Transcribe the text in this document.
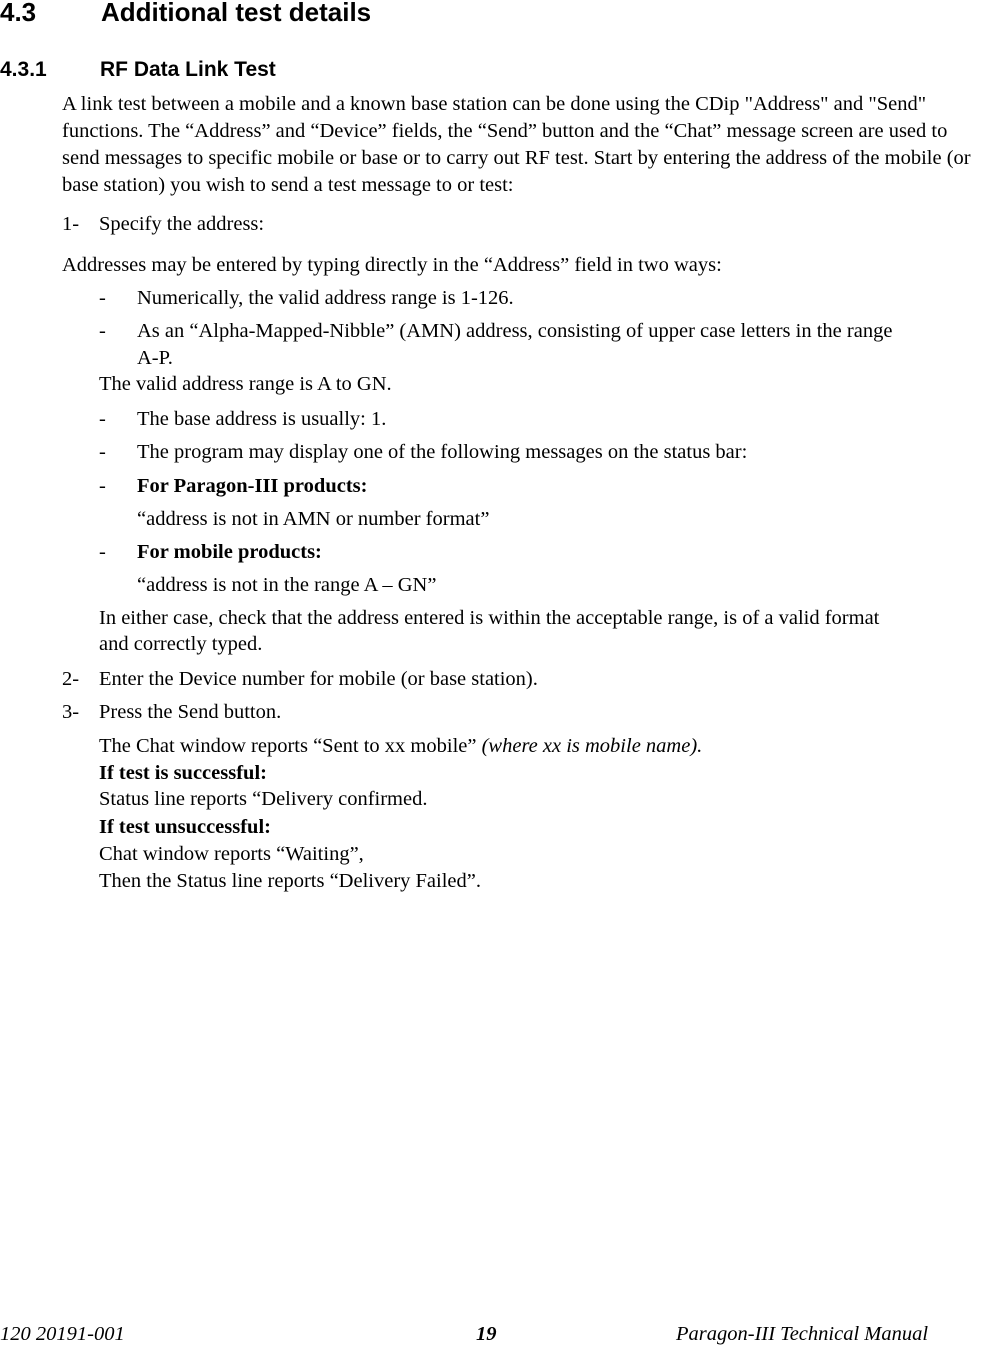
4.3 Additional test details
4.3.1	RF Data Link Test
A link test between a mobile and a known base station can be done using the CDip "Address" and "Send" functions. The “Address” and “Device” fields, the “Send” button and the “Chat” message screen are used to send messages to specific mobile or base or to carry out RF test. Start by entering the address of the mobile (or base station) you wish to send a test message to or test:
1- Specify the address:
Addresses may be entered by typing directly in the “Address” field in two ways:
- Numerically, the valid address range is 1-126.
- As an “Alpha-Mapped-Nibble” (AMN) address, consisting of upper case letters in the range
A-P.
The valid address range is A to GN.
- The base address is usually: 1.
- The program may display one of the following messages on the status bar:
- For Paragon-III products:
“address is not in AMN or number format”
- For mobile products:
“address is not in the range A – GN”
In either case, check that the address entered is within the acceptable range, is of a valid format
and correctly typed.
2- Enter the Device number for mobile (or base station).
3- Press the Send button.
The Chat window reports “Sent to xx mobile” (where xx is mobile name).
If test is successful:
Status line reports “Delivery confirmed.
If test unsuccessful:
Chat window reports “Waiting”,
Then the Status line reports “Delivery Failed”.
120 20191-001	19	Paragon-III Technical Manual
